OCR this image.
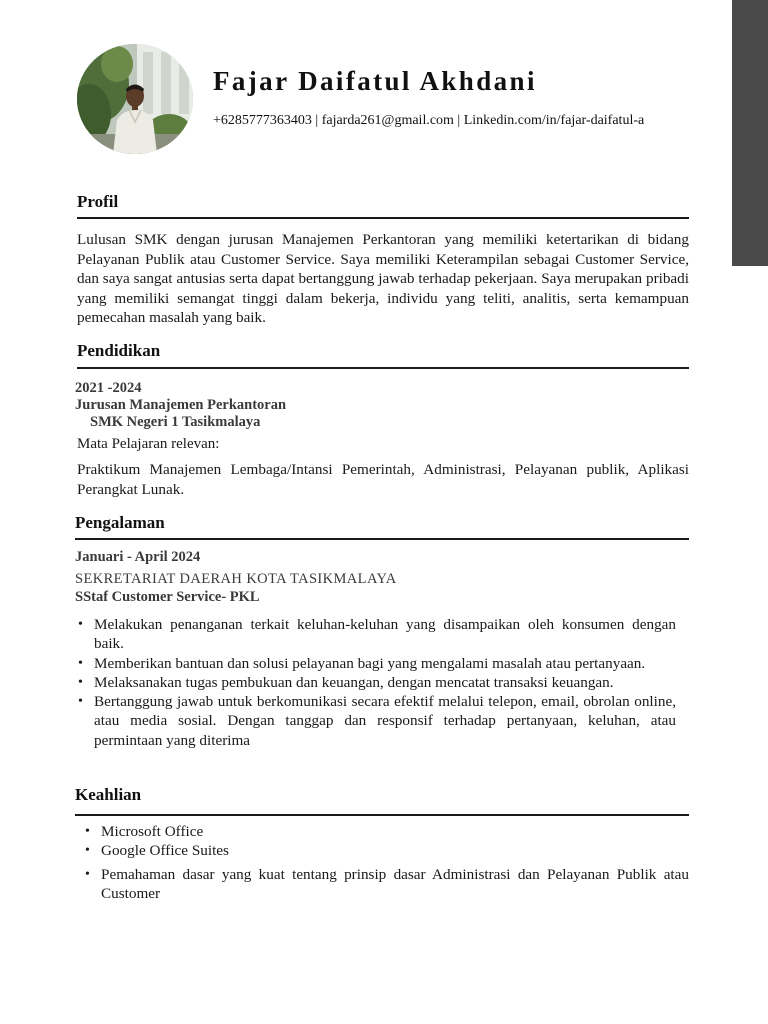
Fajar Daifatul Akhdani
+6285777363403 | fajarda261@gmail.com | Linkedin.com/in/fajar-daifatul-a
Profil

Lulusan SMK dengan jurusan Manajemen Perkantoran yang memiliki ketertarikan di bidang Pelayanan Publik atau Customer Service. Saya memiliki Keterampilan sebagai Customer Service, dan saya sangat antusias serta dapat bertanggung jawab terhadap pekerjaan. Saya merupakan pribadi yang memiliki semangat tinggi dalam bekerja, individu yang teliti, analitis, serta kemampuan pemecahan masalah yang baik.

Pendidikan
2021 -2024
Jurusan Manajemen Perkantoran
SMK Negeri 1 Tasikmalaya
Mata Pelajaran relevan:

Praktikum Manajemen Lembaga/Intansi Pemerintah, Administrasi, Pelayanan publik, Aplikasi Perangkat Lunak.

Pengalaman
Januari - April 2024
SEKRETARIAT DAERAH KOTA TASIKMALAYA
SStaf Customer Service- PKL
• Melakukan penanganan terkait keluhan-keluhan yang disampaikan oleh konsumen dengan baik.
• Memberikan bantuan dan solusi pelayanan bagi yang mengalami masalah atau pertanyaan.
• Melaksanakan tugas pembukuan dan keuangan, dengan mencatat transaksi keuangan.
• Bertanggung jawab untuk berkomunikasi secara efektif melalui telepon, email, obrolan online, atau media sosial. Dengan tanggap dan responsif terhadap pertanyaan, keluhan, atau permintaan yang diterima
Keahlian
• Microsoft Office
• Google Office Suites
• Pemahaman dasar yang kuat tentang prinsip dasar Administrasi dan Pelayanan Publik atau Customer
